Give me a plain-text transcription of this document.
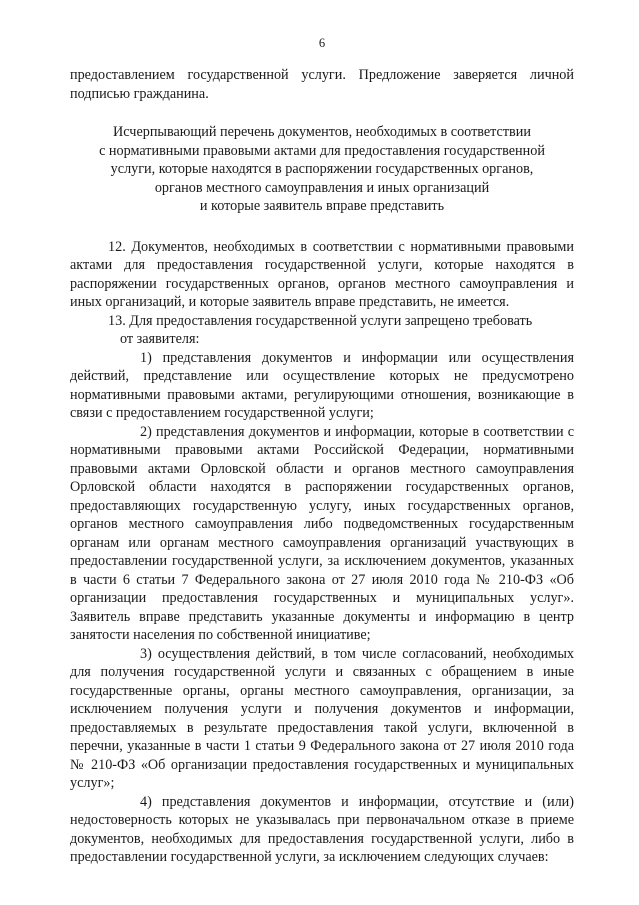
6

предоставлением государственной услуги. Предложение заверяется личной подписью гражданина.

Исчерпывающий перечень документов, необходимых в соответствии
с нормативными правовыми актами для предоставления государственной
услуги, которые находятся в распоряжении государственных органов,
органов местного самоуправления и иных организаций
и которые заявитель вправе представить

12. Документов, необходимых в соответствии с нормативными правовыми актами для предоставления государственной услуги, которые находятся в распоряжении государственных органов, органов местного самоуправления и иных организаций, и которые заявитель вправе представить, не имеется.

13. Для предоставления государственной услуги запрещено требовать

от заявителя:

1) представления документов и информации или осуществления действий, представление или осуществление которых не предусмотрено нормативными правовыми актами, регулирующими отношения, возникающие в связи с предоставлением государственной услуги;

2) представления документов и информации, которые в соответствии с нормативными правовыми актами Российской Федерации, нормативными правовыми актами Орловской области и органов местного самоуправления Орловской области находятся в распоряжении государственных органов, предоставляющих государственную услугу, иных государственных органов, органов местного самоуправления либо подведомственных государственным органам или органам местного самоуправления организаций участвующих в предоставлении государственной услуги, за исключением документов, указанных в части 6 статьи 7 Федерального закона от 27 июля 2010 года № 210-ФЗ «Об организации предоставления государственных и муниципальных услуг». Заявитель вправе представить указанные документы и информацию в центр занятости населения по собственной инициативе;

3) осуществления действий, в том числе согласований, необходимых для получения государственной услуги и связанных с обращением в иные государственные органы, органы местного самоуправления, организации, за исключением получения услуги и получения документов и информации, предоставляемых в результате предоставления такой услуги, включенной в перечни, указанные в части 1 статьи 9 Федерального закона от 27 июля 2010 года № 210-ФЗ «Об организации предоставления государственных и муниципальных услуг»;

4) представления документов и информации, отсутствие и (или) недостоверность которых не указывалась при первоначальном отказе в приеме документов, необходимых для предоставления государственной услуги, либо в предоставлении государственной услуги, за исключением следующих случаев:
